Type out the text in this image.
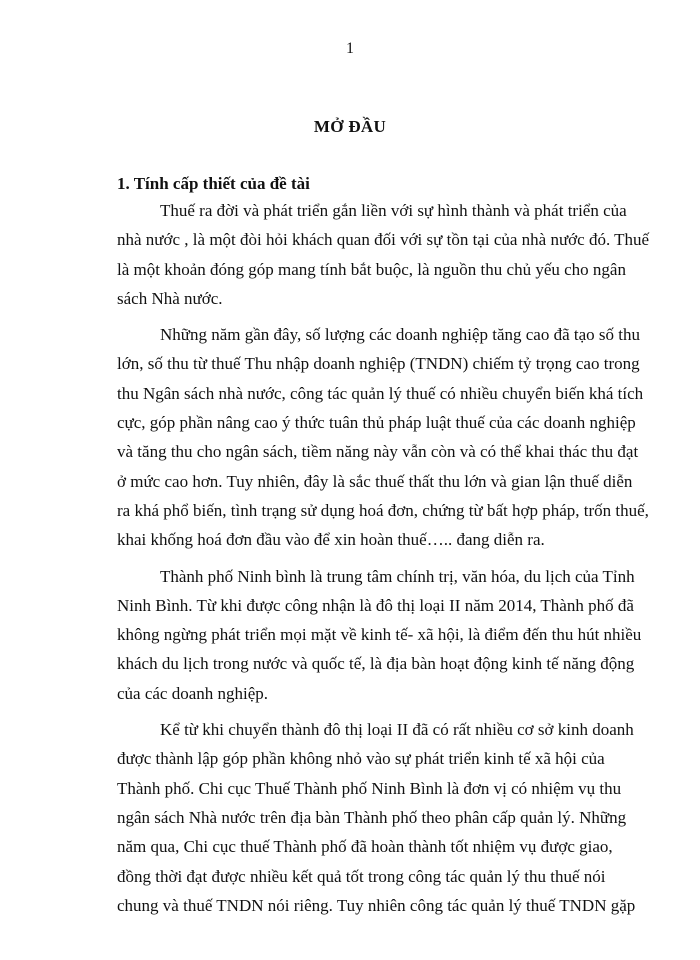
1
MỞ ĐẦU
1. Tính cấp thiết của đề tài

Thuế ra đời và phát triển gắn liền với sự hình thành và phát triển của
nhà nước , là một đòi hỏi khách quan đối với sự tồn tại của nhà nước đó. Thuế
là một khoản đóng góp mang tính bắt buộc, là nguồn thu chủ yếu cho ngân
sách Nhà nước.

Những năm gần đây, số lượng các doanh nghiệp tăng cao đã tạo số thu
lớn, số thu từ thuế Thu nhập doanh nghiệp (TNDN) chiếm tỷ trọng cao trong
thu Ngân sách nhà nước, công tác quản lý thuế có nhiều chuyển biến khá tích
cực, góp phần nâng cao ý thức tuân thủ pháp luật thuế của các doanh nghiệp
và tăng thu cho ngân sách, tiềm năng này vẫn còn và có thể khai thác thu đạt
ở mức cao hơn. Tuy nhiên, đây là sắc thuế thất thu lớn và gian lận thuế diễn
ra khá phổ biến, tình trạng sử dụng hoá đơn, chứng từ bất hợp pháp, trốn thuế,
khai khống hoá đơn đầu vào để xin hoàn thuế….. đang diễn ra.

Thành phố Ninh bình là trung tâm chính trị, văn hóa, du lịch của Tỉnh
Ninh Bình. Từ khi được công nhận là đô thị loại II năm 2014, Thành phố đã
không ngừng phát triển mọi mặt về kinh tế- xã hội, là điểm đến thu hút nhiều
khách du lịch trong nước và quốc tế, là địa bàn hoạt động kinh tế năng động
của các doanh nghiệp.

Kể từ khi chuyển thành đô thị loại II đã có rất nhiều cơ sở kinh doanh
được thành lập góp phần không nhỏ vào sự phát triển kinh tế xã hội của
Thành phố. Chi cục Thuế Thành phố Ninh Bình là đơn vị có nhiệm vụ thu
ngân sách Nhà nước trên địa bàn Thành phố theo phân cấp quản lý. Những
năm qua, Chi cục thuế Thành phố đã hoàn thành tốt nhiệm vụ được giao,
đồng thời đạt được nhiều kết quả tốt trong công tác quản lý thu thuế nói
chung và thuế TNDN nói riêng. Tuy nhiên công tác quản lý thuế TNDN gặp
